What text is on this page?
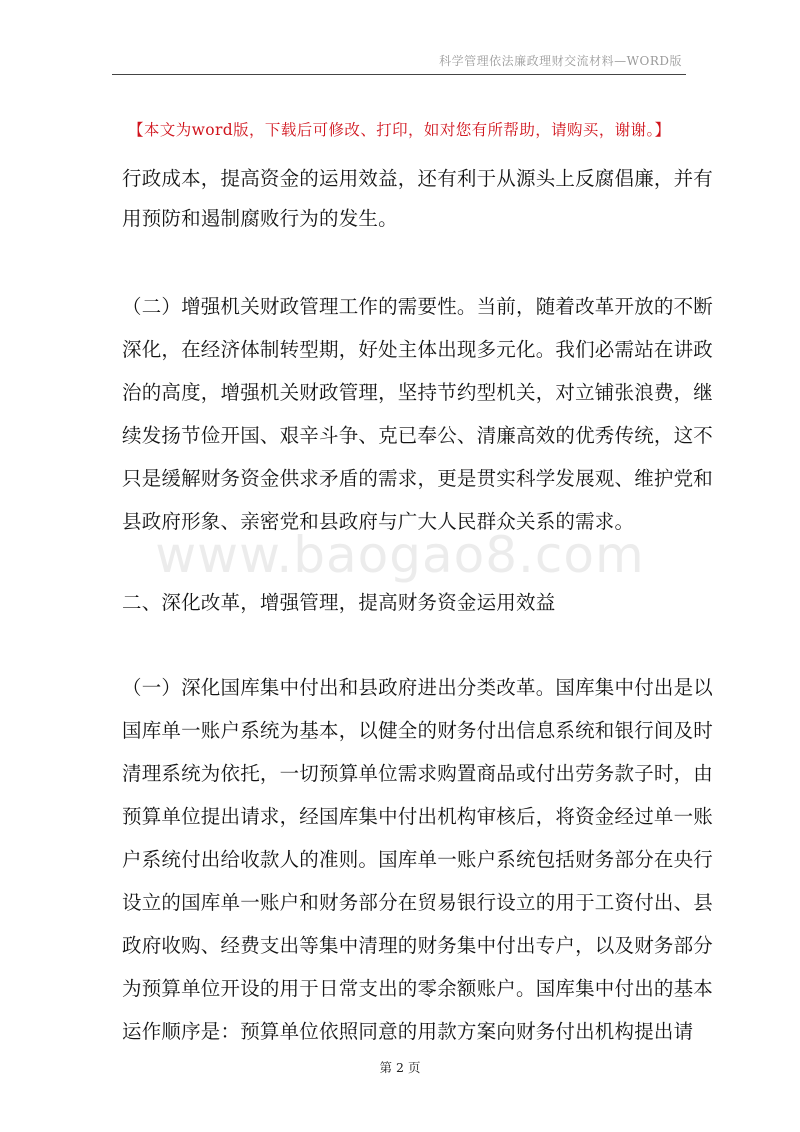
科学管理依法廉政理财交流材料—WORD版
【本文为word版，下载后可修改、打印，如对您有所帮助，请购买，谢谢。】
www.baogao8.com
行政成本，提高资金的运用效益，还有利于从源头上反腐倡廉，并有
用预防和遏制腐败行为的发生。
（二）增强机关财政管理工作的需要性。当前，随着改革开放的不断
深化，在经济体制转型期，好处主体出现多元化。我们必需站在讲政
治的高度，增强机关财政管理，坚持节约型机关，对立铺张浪费，继
续发扬节俭开国、艰辛斗争、克已奉公、清廉高效的优秀传统，这不
只是缓解财务资金供求矛盾的需求，更是贯实科学发展观、维护党和
县政府形象、亲密党和县政府与广大人民群众关系的需求。
二、深化改革，增强管理，提高财务资金运用效益
（一）深化国库集中付出和县政府进出分类改革。国库集中付出是以
国库单一账户系统为基本，以健全的财务付出信息系统和银行间及时
清理系统为依托，一切预算单位需求购置商品或付出劳务款子时，由
预算单位提出请求，经国库集中付出机构审核后，将资金经过单一账
户系统付出给收款人的准则。国库单一账户系统包括财务部分在央行
设立的国库单一账户和财务部分在贸易银行设立的用于工资付出、县
政府收购、经费支出等集中清理的财务集中付出专户，以及财务部分
为预算单位开设的用于日常支出的零余额账户。国库集中付出的基本
运作顺序是：预算单位依照同意的用款方案向财务付出机构提出请
第 2 页
